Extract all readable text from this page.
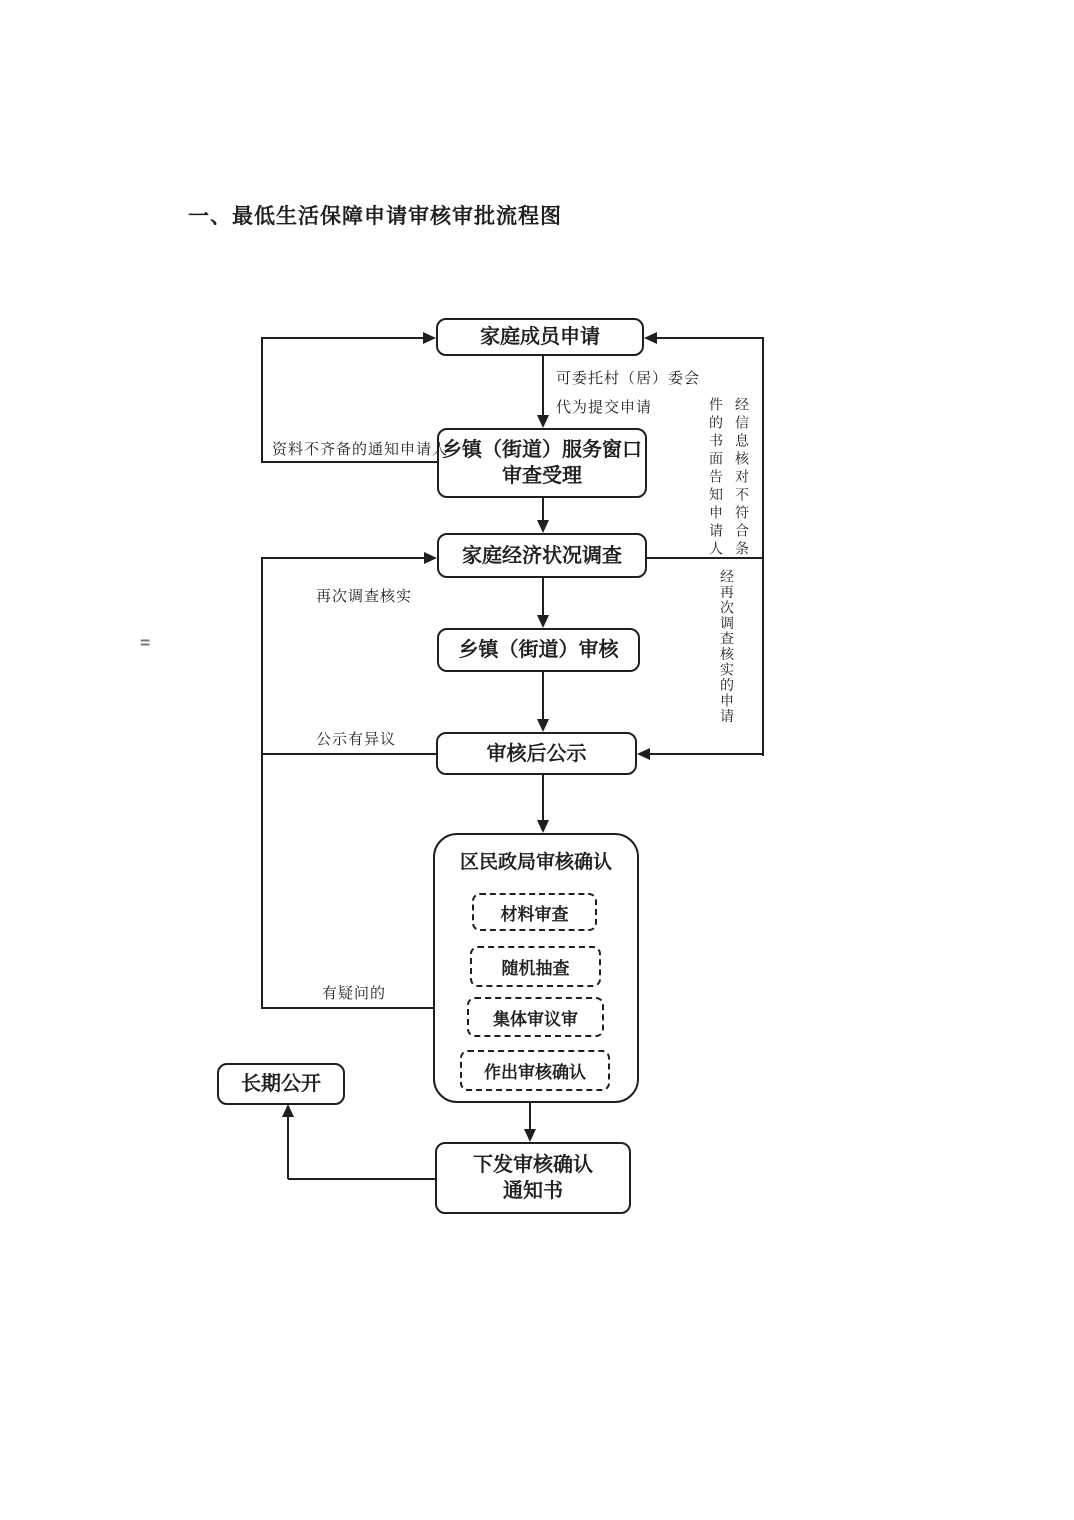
一、最低生活保障申请审核审批流程图
家庭成员申请
乡镇（街道）服务窗口
审查受理
家庭经济状况调查
乡镇（街道）审核
审核后公示
区民政局审核确认
材料审查
随机抽查
集体审议审
作出审核确认
长期公开
下发审核确认
通知书
可委托村（居）委会
代为提交申请
资料不齐备的通知申请人
再次调查核实
公示有异议
有疑问的
经信息核对不符合条件的书面告知申请人
经再次调查核实的申请
=
